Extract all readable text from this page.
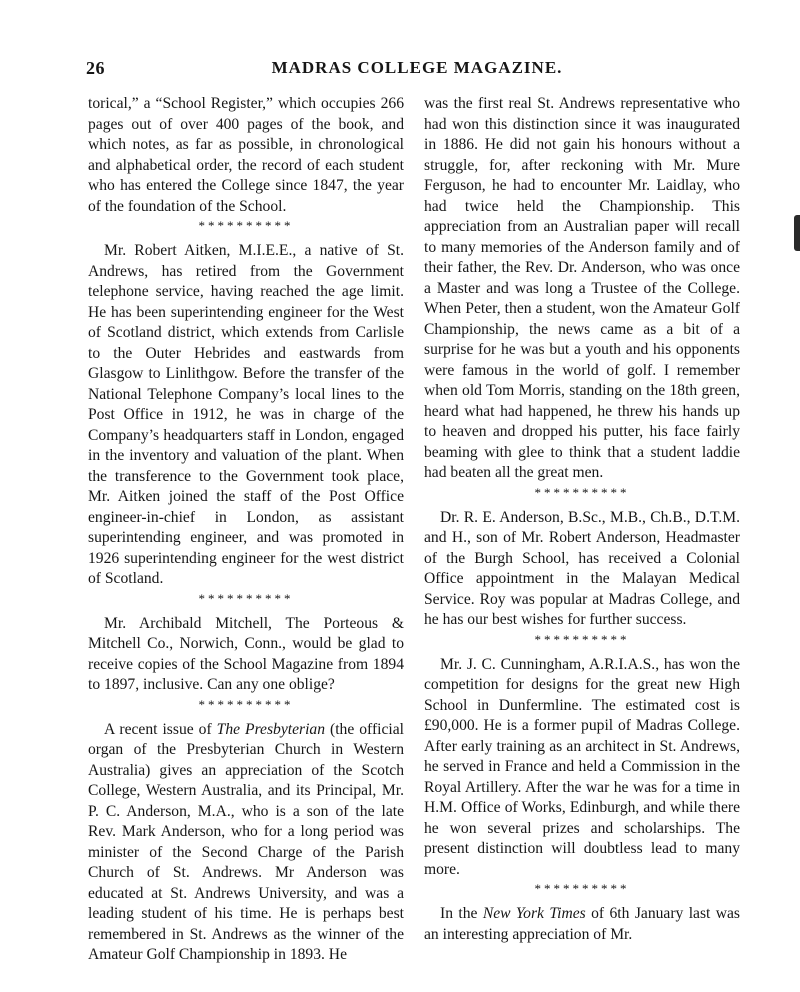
26	MADRAS COLLEGE MAGAZINE.

torical,” a “School Register,” which occupies 266 pages out of over 400 pages of the book, and which notes, as far as possible, in chronological and alphabetical order, the record of each student who has entered the College since 1847, the year of the foundation of the School.

**********

Mr. Robert Aitken, M.I.E.E., a native of St. Andrews, has retired from the Government telephone service, having reached the age limit. He has been superintending engineer for the West of Scotland district, which extends from Carlisle to the Outer Hebrides and eastwards from Glasgow to Linlithgow. Before the transfer of the National Telephone Company’s local lines to the Post Office in 1912, he was in charge of the Company’s headquarters staff in London, engaged in the inventory and valuation of the plant. When the transference to the Government took place, Mr. Aitken joined the staff of the Post Office engineer-in-chief in London, as assistant superintending engineer, and was promoted in 1926 superintending engineer for the west district of Scotland.

**********

Mr. Archibald Mitchell, The Porteous & Mitchell Co., Norwich, Conn., would be glad to receive copies of the School Magazine from 1894 to 1897, inclusive. Can any one oblige?

**********

A recent issue of The Presbyterian (the official organ of the Presbyterian Church in Western Australia) gives an appreciation of the Scotch College, Western Australia, and its Principal, Mr. P. C. Anderson, M.A., who is a son of the late Rev. Mark Anderson, who for a long period was minister of the Second Charge of the Parish Church of St. Andrews. Mr Anderson was educated at St. Andrews University, and was a leading student of his time. He is perhaps best remembered in St. Andrews as the winner of the Amateur Golf Championship in 1893. He

was the first real St. Andrews representative who had won this distinction since it was inaugurated in 1886. He did not gain his honours without a struggle, for, after reckoning with Mr. Mure Ferguson, he had to encounter Mr. Laidlay, who had twice held the Championship. This appreciation from an Australian paper will recall to many memories of the Anderson family and of their father, the Rev. Dr. Anderson, who was once a Master and was long a Trustee of the College. When Peter, then a student, won the Amateur Golf Championship, the news came as a bit of a surprise for he was but a youth and his opponents were famous in the world of golf. I remember when old Tom Morris, standing on the 18th green, heard what had happened, he threw his hands up to heaven and dropped his putter, his face fairly beaming with glee to think that a student laddie had beaten all the great men.

**********

Dr. R. E. Anderson, B.Sc., M.B., Ch.B., D.T.M. and H., son of Mr. Robert Anderson, Headmaster of the Burgh School, has received a Colonial Office appointment in the Malayan Medical Service. Roy was popular at Madras College, and he has our best wishes for further success.

**********

Mr. J. C. Cunningham, A.R.I.A.S., has won the competition for designs for the great new High School in Dunfermline. The estimated cost is £90,000. He is a former pupil of Madras College. After early training as an architect in St. Andrews, he served in France and held a Commission in the Royal Artillery. After the war he was for a time in H.M. Office of Works, Edinburgh, and while there he won several prizes and scholarships. The present distinction will doubtless lead to many more.

**********

In the New York Times of 6th January last was an interesting appreciation of Mr.
